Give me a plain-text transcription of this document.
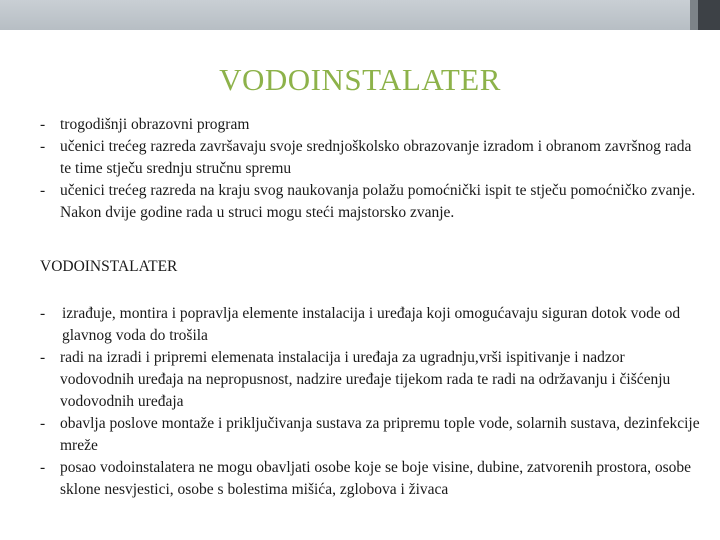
VODOINSTALATER
- trogodišnji obrazovni program
- učenici trećeg razreda završavaju svoje srednjoškolsko obrazovanje izradom i obranom završnog rada te time stječu srednju stručnu spremu
- učenici trećeg razreda na kraju svog naukovanja polažu pomoćnički ispit te stječu pomoćničko zvanje. Nakon dvije godine rada u struci mogu steći majstorsko zvanje.
VODOINSTALATER
- izrađuje, montira i popravlja elemente instalacija i uređaja koji omogućavaju siguran dotok vode od glavnog voda do trošila
- radi na izradi i pripremi elemenata instalacija i uređaja za ugradnju,vrši ispitivanje i nadzor vodovodnih uređaja na nepropusnost, nadzire uređaje tijekom rada te radi na održavanju i čišćenju vodovodnih uređaja
- obavlja poslove montaže i priključivanja sustava za pripremu tople vode, solarnih sustava, dezinfekcije mreže
- posao vodoinstalatera ne mogu obavljati osobe koje se boje visine, dubine, zatvorenih prostora, osobe sklone nesvjestici, osobe s bolestima mišića, zglobova i živaca
